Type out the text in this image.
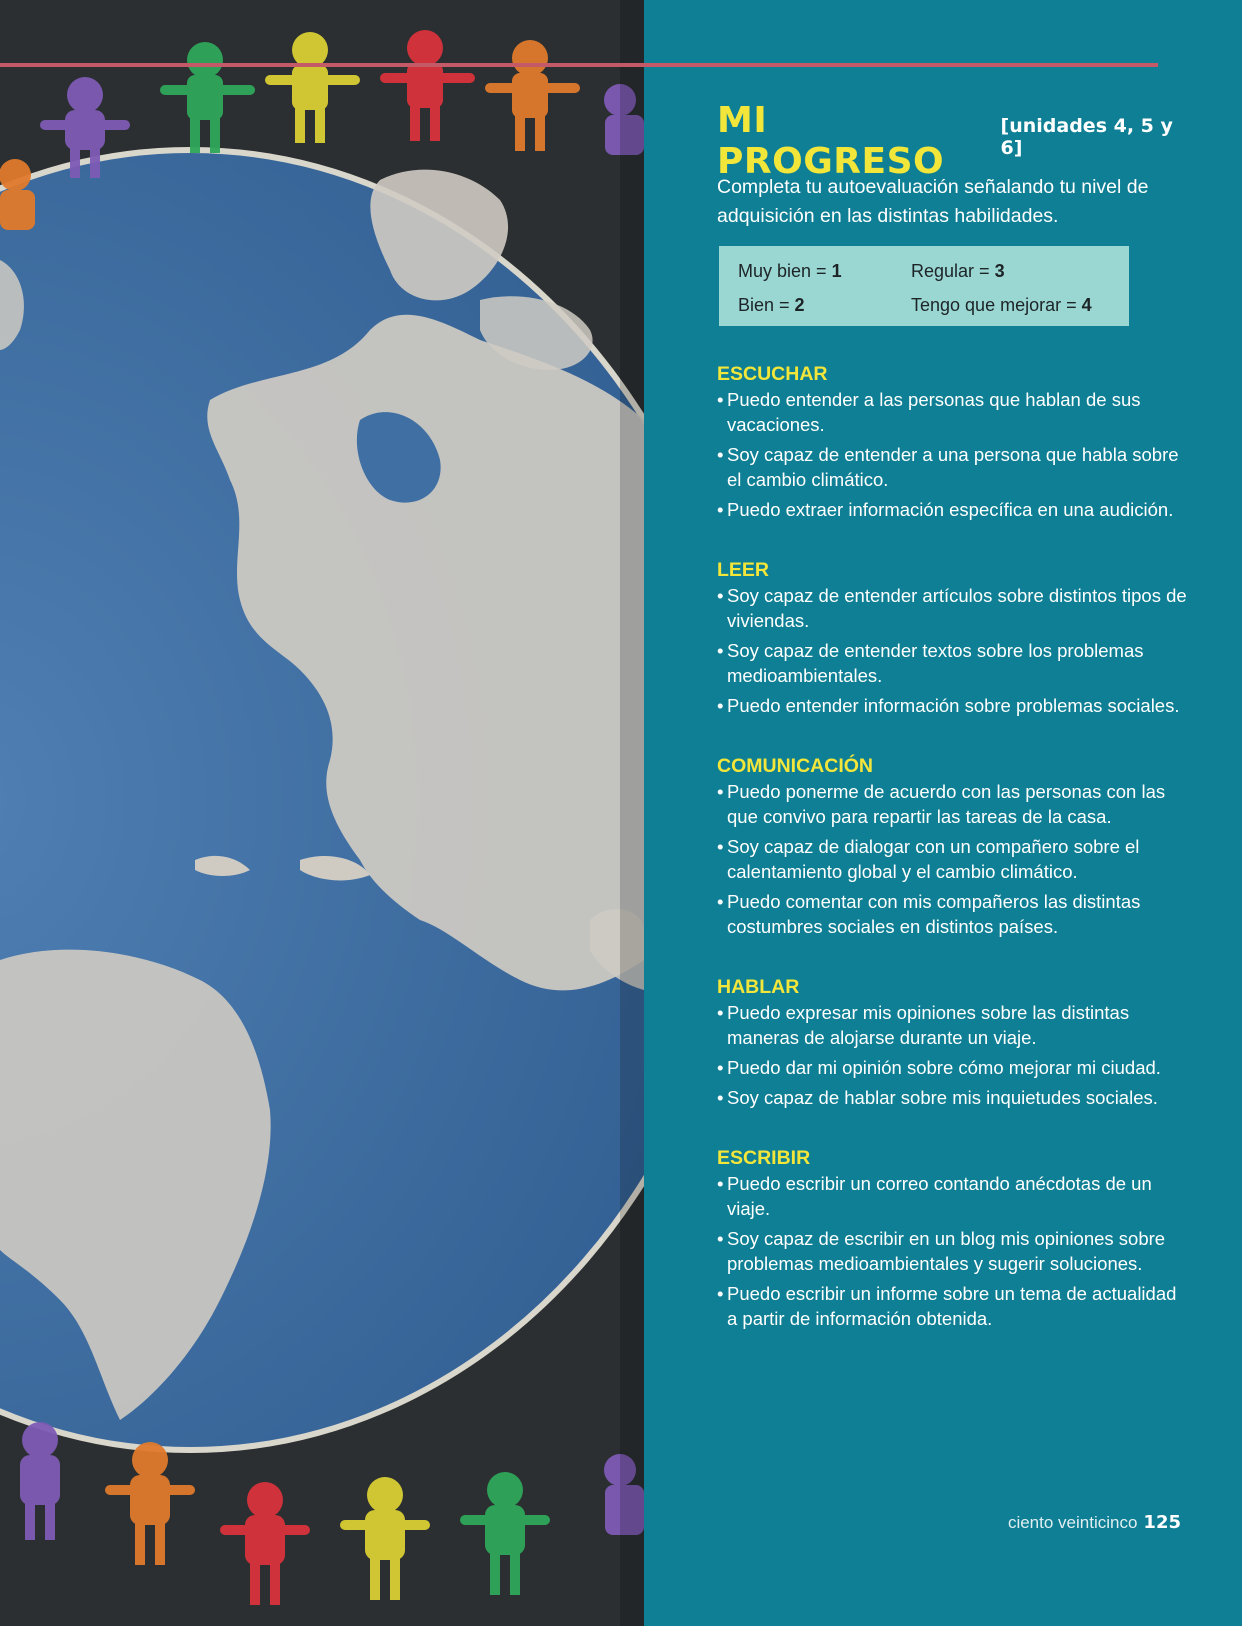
MI PROGRESO
[unidades 4, 5 y 6]
Completa tu autoevaluación señalando tu nivel de adquisición en las distintas habilidades.
Muy bien = 1	Regular = 3
Bien = 2	Tengo que mejorar = 4
ESCUCHAR
• Puedo entender a las personas que hablan de sus vacaciones.
• Soy capaz de entender a una persona que habla sobre el cambio climático.
• Puedo extraer información específica en una audición.
LEER
• Soy capaz de entender artículos sobre distintos tipos de viviendas.
• Soy capaz de entender textos sobre los problemas medioambientales.
• Puedo entender información sobre problemas sociales.
COMUNICACIÓN
• Puedo ponerme de acuerdo con las personas con las que convivo para repartir las tareas de la casa.
• Soy capaz de dialogar con un compañero sobre el calentamiento global y el cambio climático.
• Puedo comentar con mis compañeros las distintas costumbres sociales en distintos países.
HABLAR
• Puedo expresar mis opiniones sobre las distintas maneras de alojarse durante un viaje.
• Puedo dar mi opinión sobre cómo mejorar mi ciudad.
• Soy capaz de hablar sobre mis inquietudes sociales.
ESCRIBIR
• Puedo escribir un correo contando anécdotas de un viaje.
• Soy capaz de escribir en un blog mis opiniones sobre problemas medioambientales y sugerir soluciones.
• Puedo escribir un informe sobre un tema de actualidad a partir de información obtenida.
ciento veinticinco 125
